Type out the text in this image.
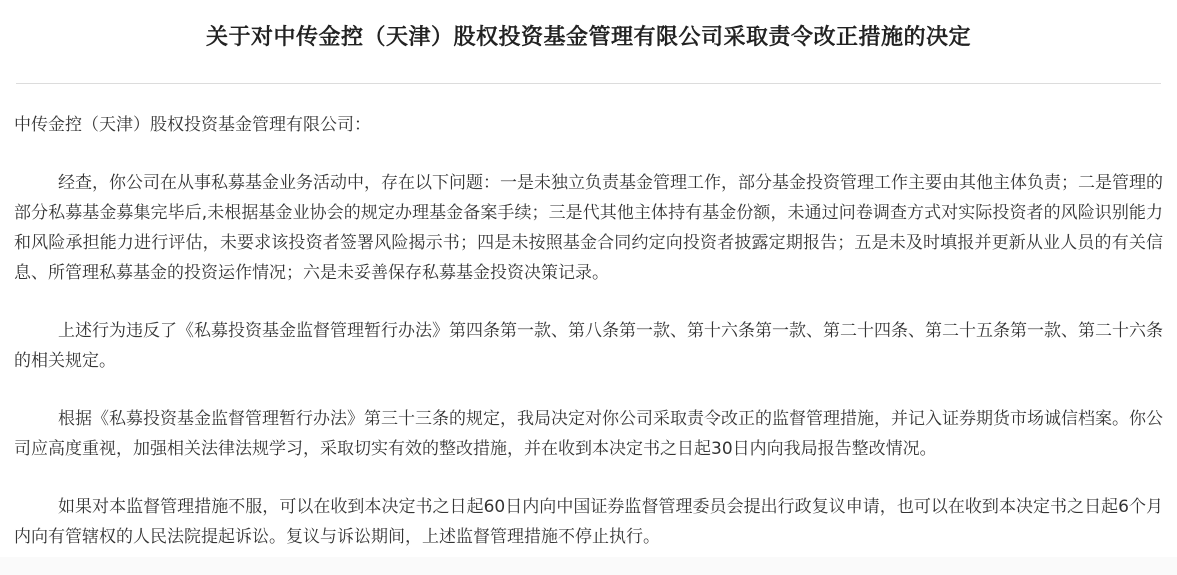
关于对中传金控（天津）股权投资基金管理有限公司采取责令改正措施的决定

中传金控（天津）股权投资基金管理有限公司：

经查，你公司在从事私募基金业务活动中，存在以下问题：一是未独立负责基金管理工作，部分基金投资管理工作主要由其他主体负责；二是管理的部分私募基金募集完毕后,未根据基金业协会的规定办理基金备案手续；三是代其他主体持有基金份额，未通过问卷调查方式对实际投资者的风险识别能力和风险承担能力进行评估，未要求该投资者签署风险揭示书；四是未按照基金合同约定向投资者披露定期报告；五是未及时填报并更新从业人员的有关信息、所管理私募基金的投资运作情况；六是未妥善保存私募基金投资决策记录。

上述行为违反了《私募投资基金监督管理暂行办法》第四条第一款、第八条第一款、第十六条第一款、第二十四条、第二十五条第一款、第二十六条的相关规定。

根据《私募投资基金监督管理暂行办法》第三十三条的规定，我局决定对你公司采取责令改正的监督管理措施，并记入证券期货市场诚信档案。你公司应高度重视，加强相关法律法规学习，采取切实有效的整改措施，并在收到本决定书之日起30日内向我局报告整改情况。

如果对本监督管理措施不服，可以在收到本决定书之日起60日内向中国证券监督管理委员会提出行政复议申请，也可以在收到本决定书之日起6个月内向有管辖权的人民法院提起诉讼。复议与诉讼期间，上述监督管理措施不停止执行。
